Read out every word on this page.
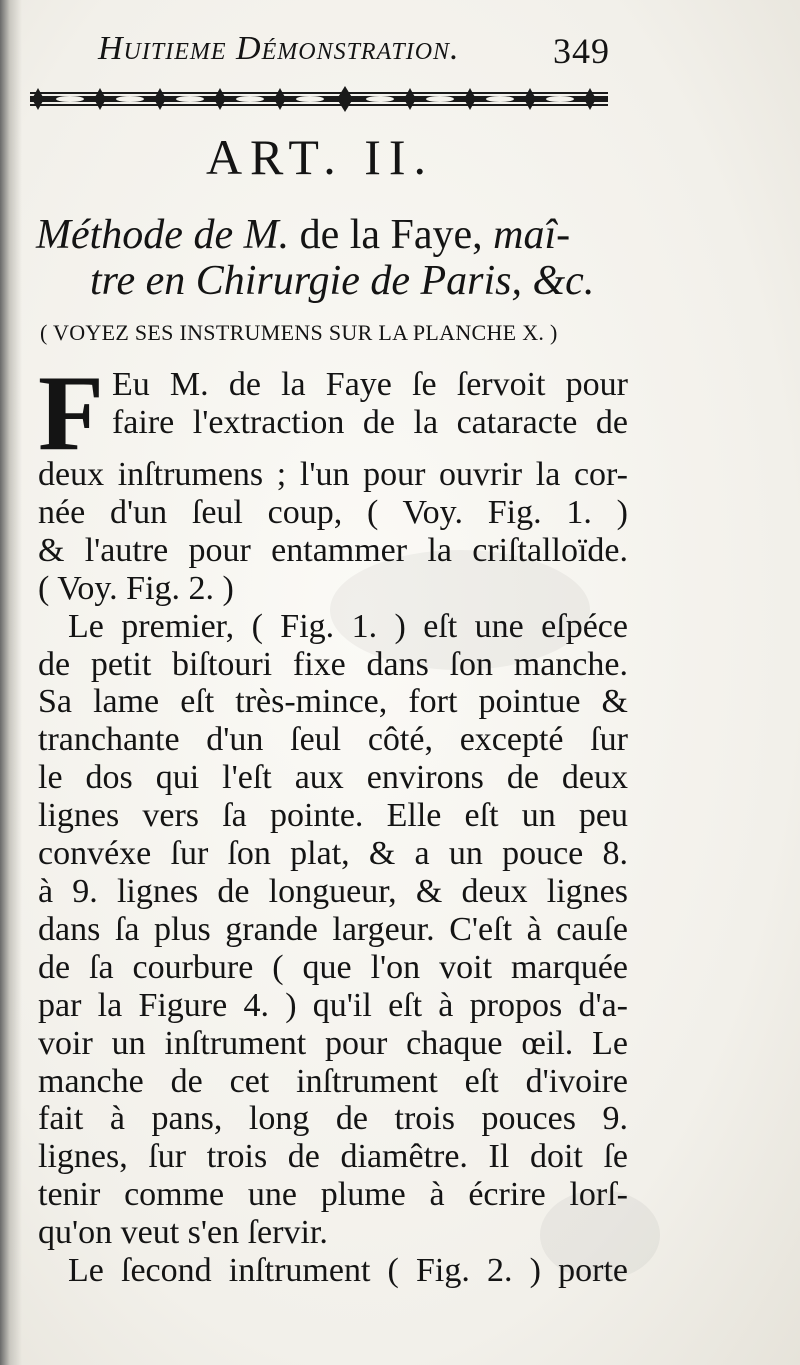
Huitieme Démonstration.	349
ART. II.
Méthode de M. de la Faye, maî-
tre en Chirurgie de Paris, &c.
( VOYEZ SES INSTRUMENS SUR LA PLANCHE X. )
F Eu M. de la Faye ſe ſervoit pour
faire l'extraction de la cataracte de
deux inſtrumens ; l'un pour ouvrir la cor-
née d'un ſeul coup, ( Voy. Fig. 1. )
& l'autre pour entammer la criſtalloïde.
( Voy. Fig. 2. )
Le premier, ( Fig. 1. ) eſt une eſpéce
de petit biſtouri fixe dans ſon manche.
Sa lame eſt très-mince, fort pointue &
tranchante d'un ſeul côté, excepté ſur
le dos qui l'eſt aux environs de deux
lignes vers ſa pointe. Elle eſt un peu
convéxe ſur ſon plat, & a un pouce 8.
à 9. lignes de longueur, & deux lignes
dans ſa plus grande largeur. C'eſt à cauſe
de ſa courbure ( que l'on voit marquée
par la Figure 4. ) qu'il eſt à propos d'a-
voir un inſtrument pour chaque œil. Le
manche de cet inſtrument eſt d'ivoire
fait à pans, long de trois pouces 9.
lignes, ſur trois de diamêtre. Il doit ſe
tenir comme une plume à écrire lorſ-
qu'on veut s'en ſervir.
Le ſecond inſtrument ( Fig. 2. ) porte
